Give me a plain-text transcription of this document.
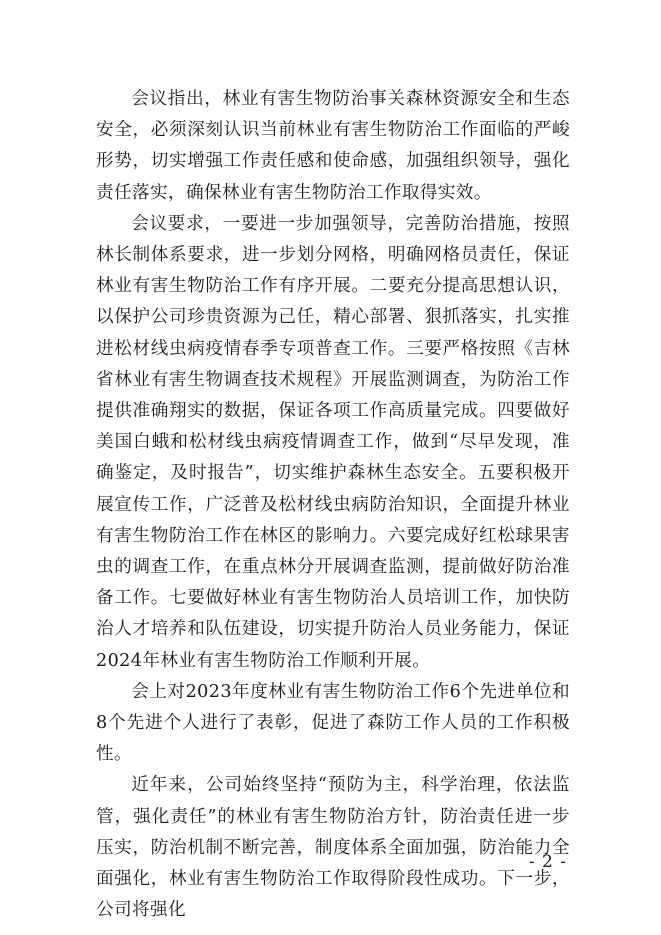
会议指出，林业有害生物防治事关森林资源安全和生态安全，必须深刻认识当前林业有害生物防治工作面临的严峻形势，切实增强工作责任感和使命感，加强组织领导，强化责任落实，确保林业有害生物防治工作取得实效。

会议要求，一要进一步加强领导，完善防治措施，按照林长制体系要求，进一步划分网格，明确网格员责任，保证林业有害生物防治工作有序开展。二要充分提高思想认识，以保护公司珍贵资源为己任，精心部署、狠抓落实，扎实推进松材线虫病疫情春季专项普查工作。三要严格按照《吉林省林业有害生物调查技术规程》开展监测调查，为防治工作提供准确翔实的数据，保证各项工作高质量完成。四要做好美国白蛾和松材线虫病疫情调查工作，做到“尽早发现，准确鉴定，及时报告”，切实维护森林生态安全。五要积极开展宣传工作，广泛普及松材线虫病防治知识，全面提升林业有害生物防治工作在林区的影响力。六要完成好红松球果害虫的调查工作，在重点林分开展调查监测，提前做好防治准备工作。七要做好林业有害生物防治人员培训工作，加快防治人才培养和队伍建设，切实提升防治人员业务能力，保证2024年林业有害生物防治工作顺利开展。

会上对2023年度林业有害生物防治工作6个先进单位和8个先进个人进行了表彰，促进了森防工作人员的工作积极性。

近年来，公司始终坚持“预防为主，科学治理，依法监管，强化责任”的林业有害生物防治方针，防治责任进一步压实，防治机制不断完善，制度体系全面加强，防治能力全面强化，林业有害生物防治工作取得阶段性成功。下一步，公司将强化

- 2 -
